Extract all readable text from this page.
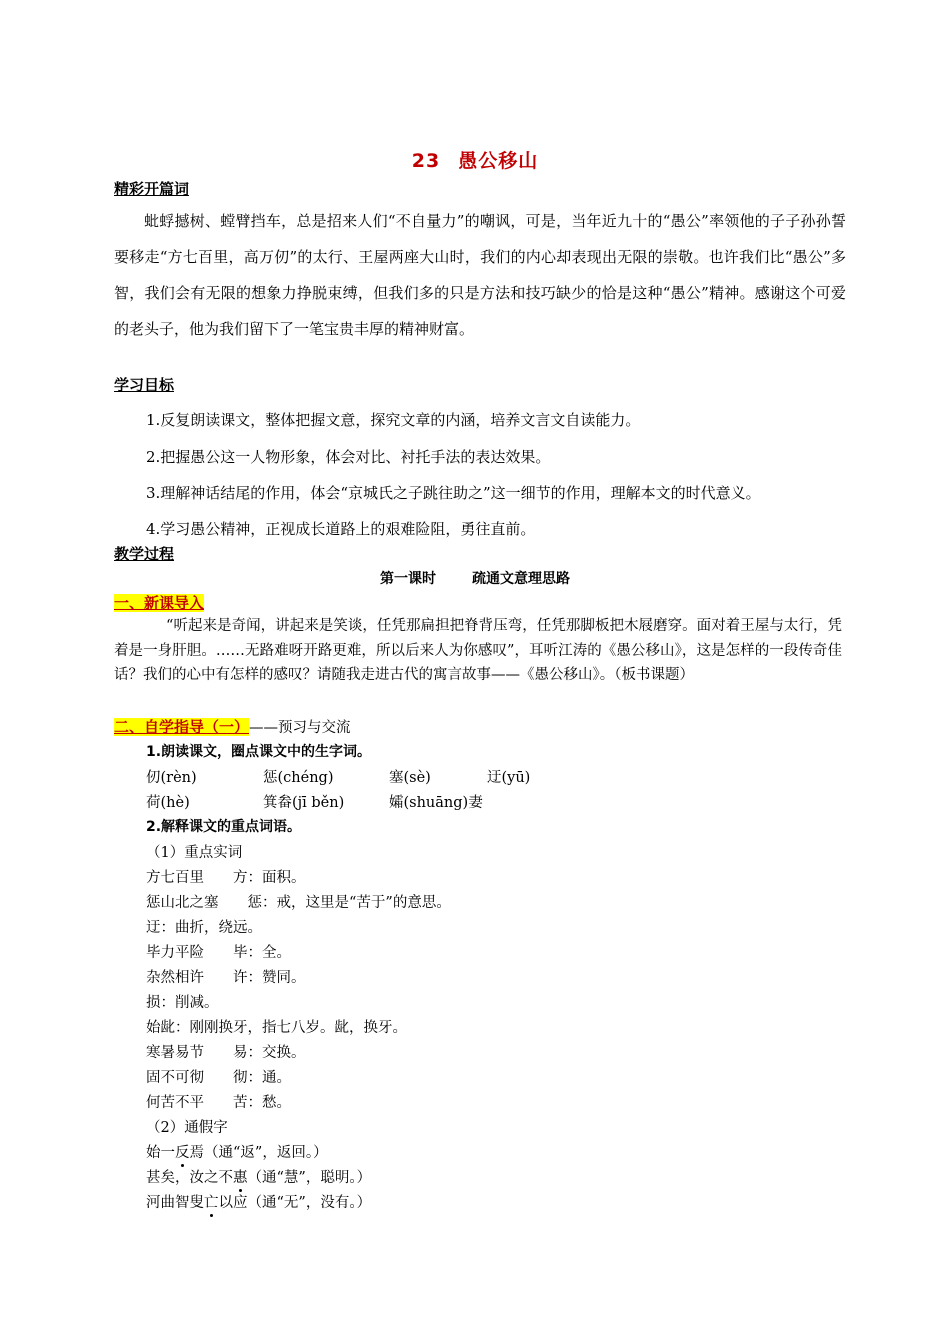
23 愚公移山
精彩开篇词
蚍蜉撼树、螳臂挡车，总是招来人们“不自量力”的嘲讽，可是，当年近九十的“愚公”率领他的子子孙孙誓要移走“方七百里，高万仞”的太行、王屋两座大山时，我们的内心却表现出无限的崇敬。也许我们比“愚公”多智，我们会有无限的想象力挣脱束缚，但我们多的只是方法和技巧缺少的恰是这种“愚公”精神。感谢这个可爱的老头子，他为我们留下了一笔宝贵丰厚的精神财富。
学习目标
1.反复朗读课文，整体把握文意，探究文章的内涵，培养文言文自读能力。
2.把握愚公这一人物形象，体会对比、衬托手法的表达效果。
3.理解神话结尾的作用，体会“京城氏之子跳往助之”这一细节的作用，理解本文的时代意义。
4.学习愚公精神，正视成长道路上的艰难险阻，勇往直前。
教学过程
第一课时	疏通文意理思路
一、新课导入
“听起来是奇闻，讲起来是笑谈，任凭那扁担把脊背压弯，任凭那脚板把木屐磨穿。面对着王屋与太行，凭着是一身肝胆。……无路难呀开路更难，所以后来人为你感叹”，耳听江涛的《愚公移山》，这是怎样的一段传奇佳话？我们的心中有怎样的感叹？请随我走进古代的寓言故事——《愚公移山》。（板书课题）
二、自学指导（一）——预习与交流
1.朗读课文，圈点课文中的生字词。
仞(rèn)	惩(chéng)	塞(sè)	迂(yū)
荷(hè)	箕畚(jī běn)	孀(shuāng)妻
2.解释课文的重点词语。
（1）重点实词
方七百里　　方：面积。
惩山北之塞　　惩：戒，这里是“苦于”的意思。
迂：曲折，绕远。
毕力平险　　毕：全。
杂然相许　　许：赞同。
损：削减。
始龀：刚刚换牙，指七八岁。龀，换牙。
寒暑易节　　易：交换。
固不可彻　　彻：通。
何苦不平　　苦：愁。
（2）通假字
始一反焉（通“返”，返回。）
甚矣，汝之不惠（通“慧”，聪明。）
河曲智叟亡以应（通“无”，没有。）
